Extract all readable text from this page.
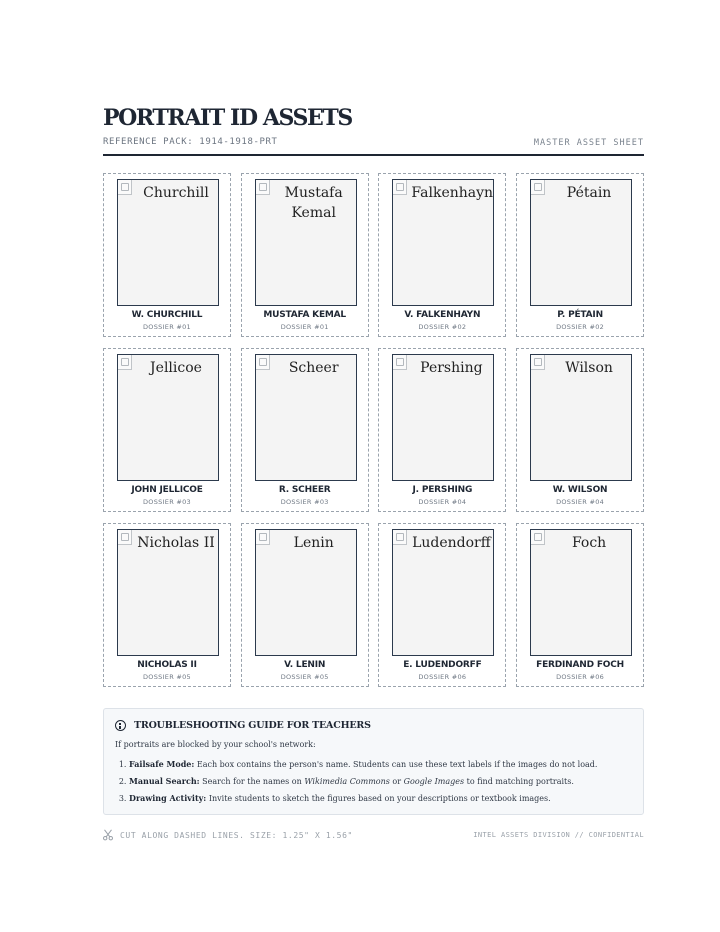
PORTRAIT ID ASSETS
REFERENCE PACK: 1914-1918-PRT	MASTER ASSET SHEET
Churchill
W. CHURCHILL
DOSSIER #01
Mustafa Kemal
MUSTAFA KEMAL
DOSSIER #01
Falkenhayn
V. FALKENHAYN
DOSSIER #02
Pétain
P. PÉTAIN
DOSSIER #02
Jellicoe
JOHN JELLICOE
DOSSIER #03
Scheer
R. SCHEER
DOSSIER #03
Pershing
J. PERSHING
DOSSIER #04
Wilson
W. WILSON
DOSSIER #04
Nicholas II
NICHOLAS II
DOSSIER #05
Lenin
V. LENIN
DOSSIER #05
Ludendorff
E. LUDENDORFF
DOSSIER #06
Foch
FERDINAND FOCH
DOSSIER #06
TROUBLESHOOTING GUIDE FOR TEACHERS
If portraits are blocked by your school's network:
1. Failsafe Mode: Each box contains the person's name. Students can use these text labels if the images do not load.
2. Manual Search: Search for the names on Wikimedia Commons or Google Images to find matching portraits.
3. Drawing Activity: Invite students to sketch the figures based on your descriptions or textbook images.
CUT ALONG DASHED LINES. SIZE: 1.25" X 1.56"	INTEL ASSETS DIVISION // CONFIDENTIAL
